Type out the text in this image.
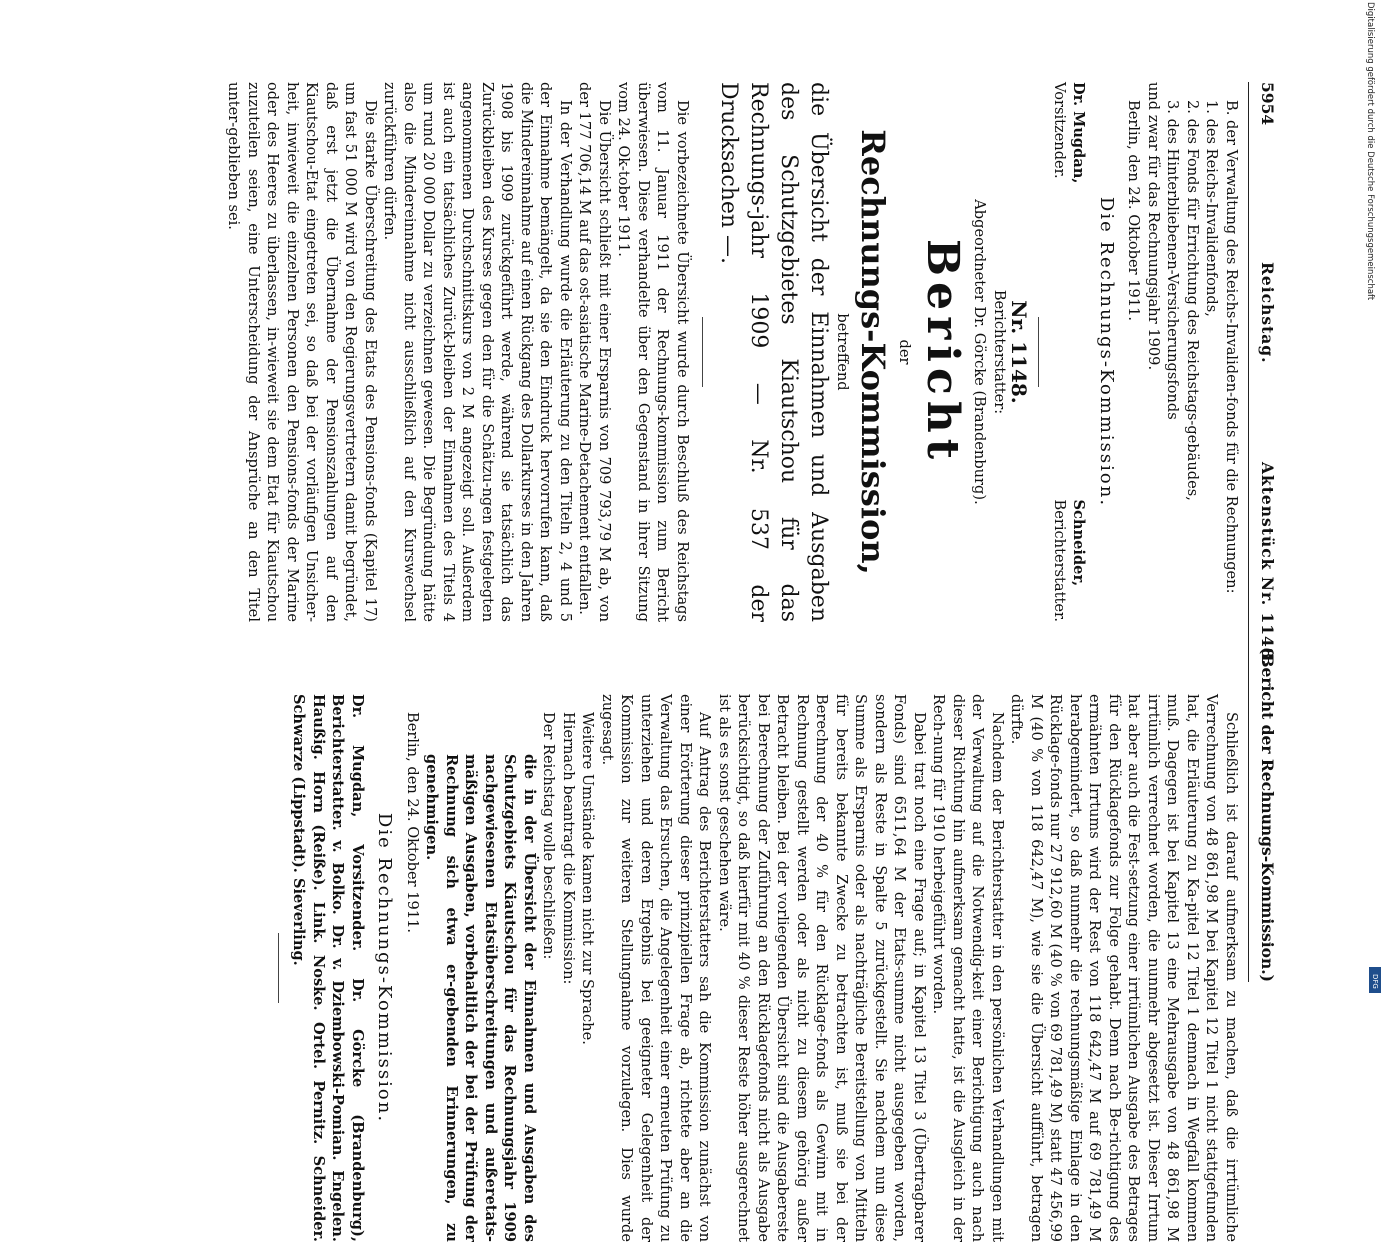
5954
Reichstag.
Aktenstück Nr. 1148.
(Bericht der Rechnungs-Kommission.)

B. der Verwaltung des Reichs-Invaliden-fonds für die Rechnungen:

1. des Reichs-Invalidenfonds,

2. des Fonds für Errichtung des Reichstags-gebäudes,

3. des Hinterbliebenen-Versicherungsfonds

und zwar für das Rechnungsjahr 1909.

Berlin, den 24. Oktober 1911.

Die Rechnungs-Kommission.

Dr. Mugdan,

Vorsitzender.

Schneider,

Berichterstatter.

Nr. 1148.

Berichterstatter:

Abgeordneter Dr. Görcke (Brandenburg).

Bericht

der

Rechnungs-Kommission,

betreffend

die Übersicht der Einnahmen und Ausgaben des Schutzgebietes Kiautschou für das Rechnungs-jahr 1909 — Nr. 537 der Drucksachen —.

Die vorbezeichnete Übersicht wurde durch Beschluß des Reichstags vom 11. Januar 1911 der Rechnungs-kommission zum Bericht überwiesen. Diese verhandelte über den Gegenstand in ihrer Sitzung vom 24. Ok-tober 1911.

Die Übersicht schließt mit einer Ersparnis von 709 793,79 M ab, von der 177 706,14 M auf das ost-asiatische Marine-Detachement entfallen.

In der Verhandlung wurde die Erläuterung zu den Titeln 2, 4 und 5 der Einnahme bemängelt, da sie den Eindruck hervorrufen kann, daß die Mindereinnahme auf einen Rückgang des Dollarkurses in den Jahren 1908 bis 1909 zurückgeführt werde, während sie tatsächlich das Zurückbleiben des Kurses gegen den für die Schätzu-ngen festgelegten angenommenen Durchschnittskurs von 2 M angezeigt soll. Außerdem ist auch ein tatsächliches Zurück-bleiben der Einnahmen des Titels 4 um rund 20 000 Dollar zu verzeichnen gewesen. Die Begründung hätte also die Mindereinnahme nicht ausschließlich auf den Kurswechsel zurückführen dürfen.

Die starke Überschreitung des Etats des Pensions-fonds (Kapitel 17) um fast 51 000 M wird von den Regierungsvertretern damit begründet, daß erst jetzt die Übernahme der Pensionszahlungen auf den Kiautschou-Etat eingetreten sei, so daß bei der vorläufigen Unsicher-heit, inwieweit die einzelnen Personen den Pensions-fonds der Marine oder des Heeres zu überlassen, in-wieweit sie dem Etat für Kiautschou zuzuteilen seien, eine Unterscheidung der Ansprüche an den Titel unter-geblieben sei.

Schließlich ist darauf aufmerksam zu machen, daß die irrtümliche Verrechnung von 48 861,98 M bei Kapitel 12 Titel 1 nicht stattgefunden hat, die Erläuterung zu Ka-pitel 12 Titel 1 demnach in Wegfall kommen muß. Dagegen ist bei Kapitel 13 eine Mehrausgabe von 48 861,98 M irrtümlich verrechnet worden, die nunmehr abgesetzt ist. Dieser Irrtum hat aber auch die Fest-setzung einer irrtümlichen Ausgabe des Betrages für den Rücklagefonds zur Folge gehabt. Denn nach Be-richtigung des ermähnten Irrtums wird der Rest von 118 642,47 M auf 69 781,49 M herabgemindert, so daß nunmehr die rechnungsmäßige Einlage in den Rücklage-fonds nur 27 912,60 M (40 % von 69 781,49 M) statt 47 456,99 M (40 % von 118 642,47 M), wie sie die Übersicht aufführt, betragen dürfte.

Nachdem der Berichterstatter in den persönlichen Verhandlungen mit der Verwaltung auf die Notwendig-keit einer Berichtigung auch nach dieser Richtung hin aufmerksam gemacht hatte, ist die Ausgleich in der Rech-nung für 1910 herbeigeführt worden.

Dabei trat noch eine Frage auf; in Kapitel 13 Titel 3 (Übertragbarer Fonds) sind 6511,64 M der Etats-summe nicht ausgegeben worden, sondern als Reste in Spalte 5 zurückgestellt. Sie nachdem nun diese Summe als Ersparnis oder als nachträgliche Bereitstellung von Mitteln für bereits bekannte Zwecke zu betrachten ist, muß sie bei der Berechnung der 40 % für den Rücklage-fonds als Gewinn mit in Rechnung gestellt werden oder als nicht zu diesem gehörig außer Betracht bleiben. Bei der vorliegenden Übersicht sind die Ausgabereste bei Berechnung der Zuführung an den Rücklagefonds nicht als Ausgabe berücksichtigt, so daß hierfür mit 40 % dieser Reste höher ausgerechnet ist als es sonst geschehen wäre.

Auf Antrag des Berichterstatters sah die Kommission zunächst von einer Erörterung dieser prinzipiellen Frage ab, richtete aber an die Verwaltung das Ersuchen, die Angelegenheit einer erneuten Prüfung zu unterziehen und deren Ergebnis bei geeigneter Gelegenheit der Kommission zur weiteren Stellungnahme vorzulegen. Dies wurde zugesagt.

Weitere Umstände kamen nicht zur Sprache.

Hiernach beantragt die Kommission:

Der Reichstag wolle beschließen:

die in der Übersicht der Einnahmen und Ausgaben des Schutzgebiets Kiautschou für das Rechnungsjahr 1909 nachgewiesenen Etatsüberschreitungen und außeretats-mäßigen Ausgaben, vorbehaltlich der bei der Prüfung der Rechnung sich etwa er-gebenden Erinnerungen, zu genehmigen.

Berlin, den 24. Oktober 1911.

Die Rechnungs-Kommission.

Dr. Mugdan, Vorsitzender. Dr. Görcke (Brandenburg), Berichterstatter. v. Bolko. Dr. v. Dziembowski-Pomian. Engelen. Haußig. Horn (Reiße). Link. Noske. Ortel. Pernitz. Schneider. Schwarze (Lippstadt). Sieverling.

Digitalisierung gefördert durch die Deutsche Forschungsgemeinschaft
DFG
